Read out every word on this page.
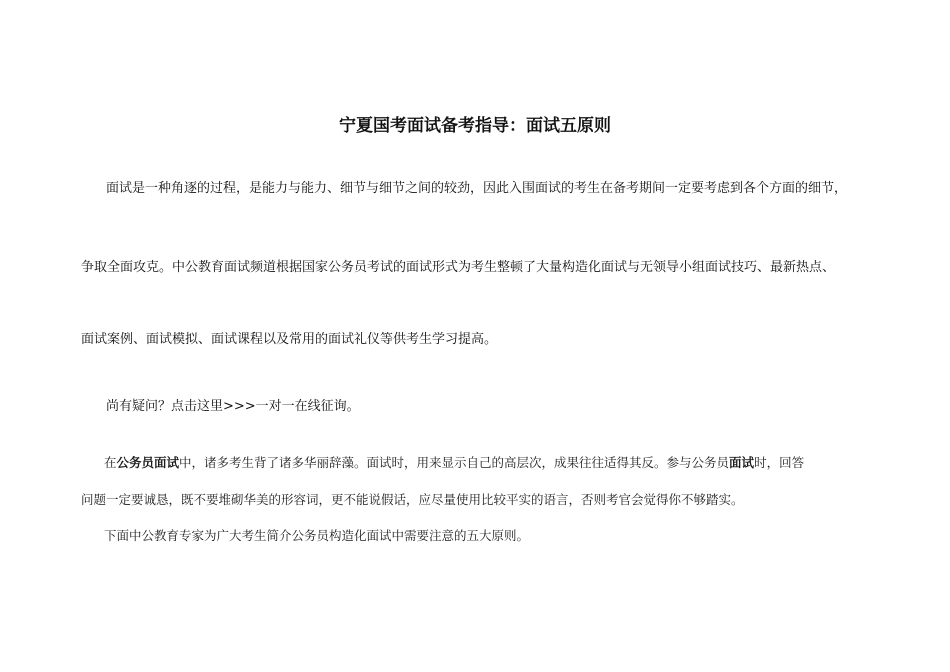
宁夏国考面试备考指导：面试五原则

面试是一种角逐的过程，是能力与能力、细节与细节之间的较劲，因此入围面试的考生在备考期间一定要考虑到各个方面的细节，

争取全面攻克。中公教育面试频道根据国家公务员考试的面试形式为考生整顿了大量构造化面试与无领导小组面试技巧、最新热点、

面试案例、面试模拟、面试课程以及常用的面试礼仪等供考生学习提高。

尚有疑问？点击这里>>>一对一在线征询。

在公务员面试中，诸多考生背了诸多华丽辞藻。面试时，用来显示自己的高层次，成果往往适得其反。参与公务员面试时，回答

问题一定要诚恳，既不要堆砌华美的形容词，更不能说假话，应尽量使用比较平实的语言，否则考官会觉得你不够踏实。

下面中公教育专家为广大考生简介公务员构造化面试中需要注意的五大原则。
